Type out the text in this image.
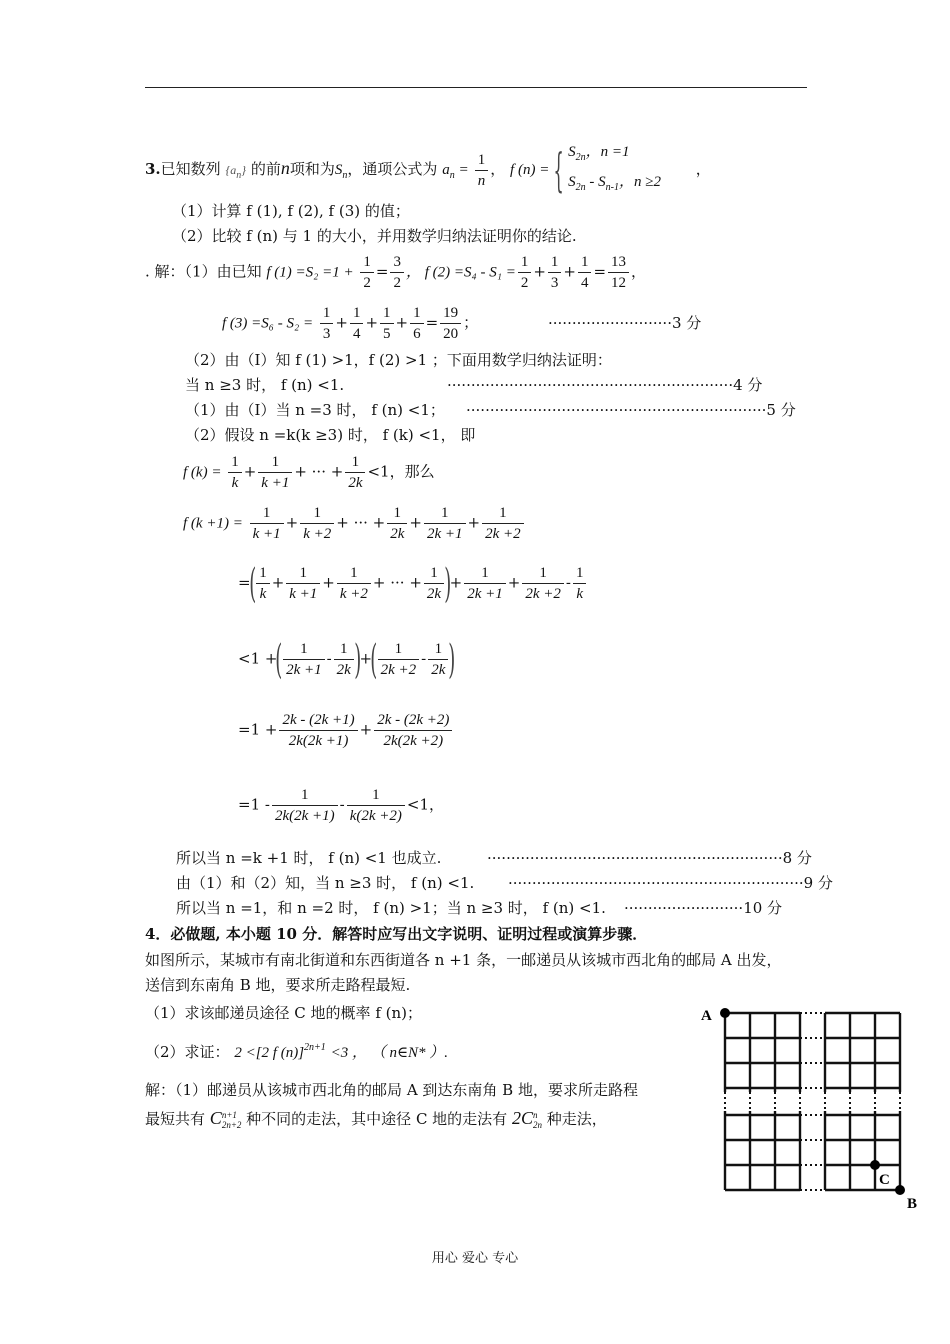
3.已知数列 $\{a_n\}$ 的前n项和为$S_n$，通项公式为 $a_n = \frac{1}{n}$ ， f (n) = { $S_{2n}$，n =1
$S_{2n} - S_{n-1}$，n ≥2
，
（1）计算 f (1), f (2), f (3) 的值；
（2）比较 f (n) 与 1 的大小，并用数学归纳法证明你的结论.
. 解：（1）由已知 f $(1) =S_2 =1 + \frac{1}{2} = \frac{3}{2}$ ， f $(2) =S_4 - S_1 = \frac{1}{2} + \frac{1}{3} + \frac{1}{4} = \frac{13}{12}$ ，
f $(3) =S_6 - S_2 = \frac{1}{3} + \frac{1}{4} + \frac{1}{5} + \frac{1}{6} = \frac{19}{20}$ ；	··························3 分
（2）由（Ⅰ）知 f (1) >1，f (2) >1 ；下面用数学归纳法证明：
当 n ≥3 时， f (n) <1.	····························································4 分
（1）由（Ⅰ）当 n =3 时， f (n) <1； ·······························································5 分
（2）假设 n =k(k ≥3) 时， f (k) <1， 即
f $(k) = \frac{1}{k} + \frac{1}{k +1}$ + ··· + $\frac{1}{2k} <1$，那么
f $(k +1) = \frac{1}{k +1} + \frac{1}{k +2}$ + ··· + $\frac{1}{2k} + \frac{1}{2k +1} + \frac{1}{2k +2}$
=( $\frac{1}{k} + \frac{1}{k +1} + \frac{1}{k +2}$ + ··· + $\frac{1}{2k}$ )+ $\frac{1}{2k +1} + \frac{1}{2k +2} - \frac{1}{k}$
<1 +( $\frac{1}{2k +1} - \frac{1}{2k}$ )+( $\frac{1}{2k +2} - \frac{1}{2k}$ )
$=1 + \frac{2k - (2k +1)}{2k(2k +1)} + \frac{2k - (2k +2)}{2k(2k +2)}$
$=1 - \frac{1}{2k(2k +1)} - \frac{1}{k(2k +2)} <1$，
所以当 n =k +1 时， f (n) <1 也成立.	······························································8 分
由（1）和（2）知，当 n ≥3 时， f (n) <1. ······························································9 分
所以当 n =1，和 n =2 时， f (n) >1；当 n ≥3 时， f (n) <1. ·························10 分
4．必做题, 本小题 10 分．解答时应写出文字说明、证明过程或演算步骤．
如图所示，某城市有南北街道和东西街道各 n +1 条，一邮递员从该城市西北角的邮局 A 出发，
送信到东南角 B 地，要求所走路程最短.
（1）求该邮递员途径 C 地的概率 f (n)；
（2）求证： 2 <[2 f (n)]$^{2n+1}$ <3 ， （ n∈N* ）.
解：（1）邮递员从该城市西北角的邮局 A 到达东南角 B 地，要求所走路程
最短共有 C n+1
2n+2 种不同的走法，其中途径 C 地的走法有 2C n
2n 种走法，
A
C
B
用心 爱心 专心
